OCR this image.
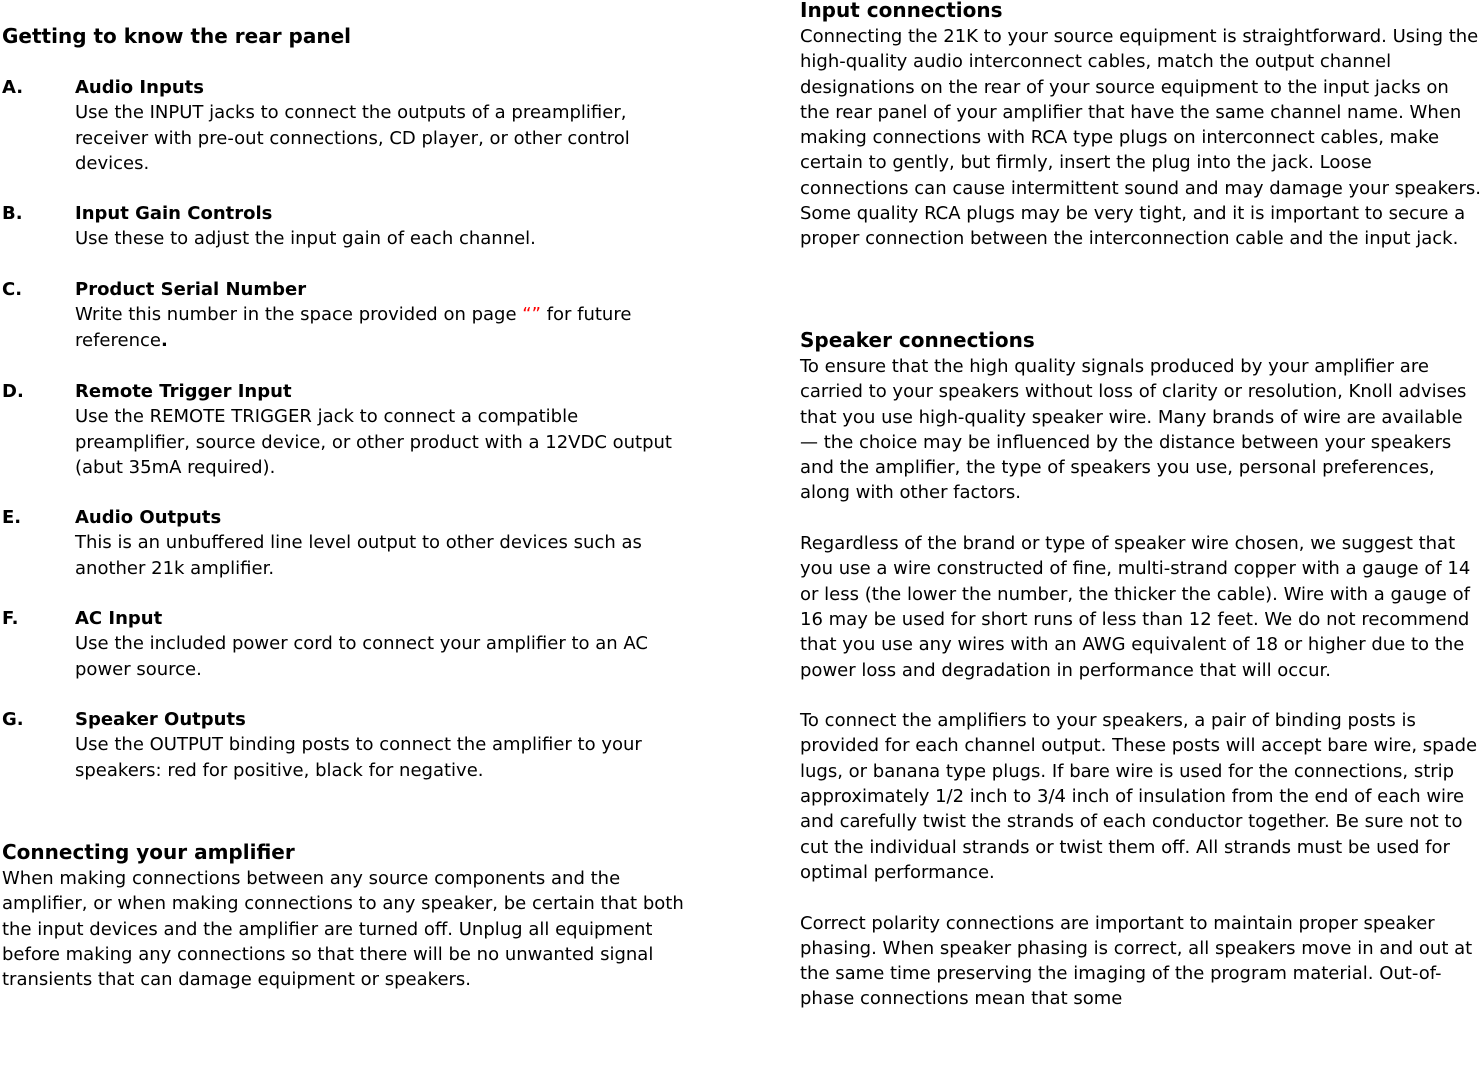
Getting to know the rear panel
A.	Audio Inputs
Use the INPUT jacks to connect the outputs of a preamplifier, receiver with pre-out connections, CD player, or other control devices.
B.	Input Gain Controls
Use these to adjust the input gain of each channel.
C.	Product Serial Number
Write this number in the space provided on page “” for future reference.
D.	Remote Trigger Input
Use the REMOTE TRIGGER jack to connect a compatible preamplifier, source device, or other product with a 12VDC output (abut 35mA required).
E.	Audio Outputs
This is an unbuffered line level output to other devices such as another 21k amplifier.
F.	AC Input
Use the included power cord to connect your amplifier to an AC power source.
G.	Speaker Outputs
Use the OUTPUT binding posts to connect the amplifier to your speakers: red for positive, black for negative.
Connecting your amplifier
When making connections between any source components and the amplifier, or when making connections to any speaker, be certain that both the input devices and the amplifier are turned off. Unplug all equipment before making any connections so that there will be no unwanted signal transients that can damage equipment or speakers.
Input connections
Connecting the 21K to your source equipment is straightforward. Using the high-quality audio interconnect cables, match the output channel designations on the rear of your source equipment to the input jacks on the rear panel of your amplifier that have the same channel name. When making connections with RCA type plugs on interconnect cables, make certain to gently, but firmly, insert the plug into the jack. Loose connections can cause intermittent sound and may damage your speakers. Some quality RCA plugs may be very tight, and it is important to secure a proper connection between the interconnection cable and the input jack.
Speaker connections
To ensure that the high quality signals produced by your amplifier are carried to your speakers without loss of clarity or resolution, Knoll advises that you use high-quality speaker wire. Many brands of wire are available — the choice may be influenced by the distance between your speakers and the amplifier, the type of speakers you use, personal preferences, along with other factors.
Regardless of the brand or type of speaker wire chosen, we suggest that you use a wire constructed of fine, multi-strand copper with a gauge of 14 or less (the lower the number, the thicker the cable). Wire with a gauge of 16 may be used for short runs of less than 12 feet. We do not recommend that you use any wires with an AWG equivalent of 18 or higher due to the power loss and degradation in performance that will occur.
To connect the amplifiers to your speakers, a pair of binding posts is provided for each channel output. These posts will accept bare wire, spade lugs, or banana type plugs. If bare wire is used for the connections, strip approximately 1/2 inch to 3/4 inch of insulation from the end of each wire and carefully twist the strands of each conductor together. Be sure not to cut the individual strands or twist them off. All strands must be used for optimal performance.
Correct polarity connections are important to maintain proper speaker phasing. When speaker phasing is correct, all speakers move in and out at the same time preserving the imaging of the program material. Out-of-phase connections mean that some
